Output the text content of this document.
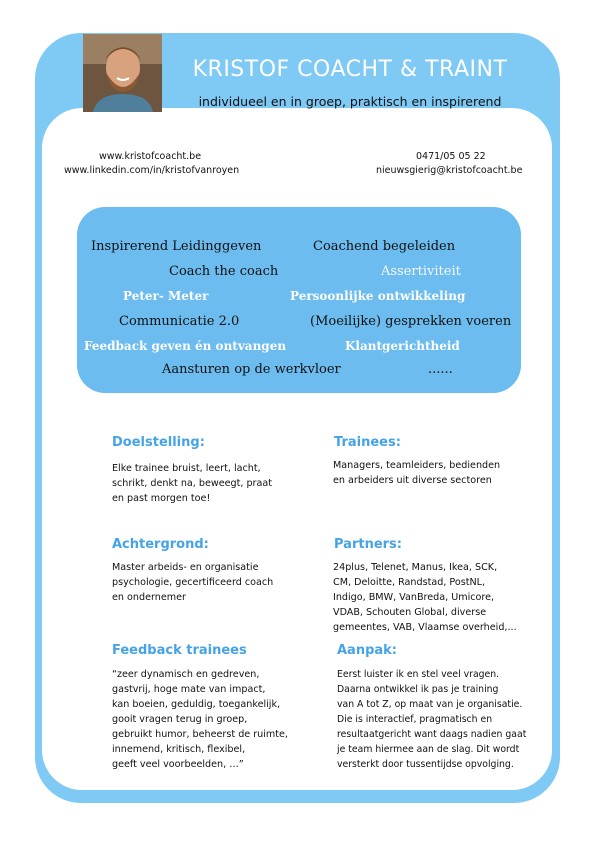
KRISTOF COACHT & TRAINT
individueel en in groep, praktisch en inspirerend
www.kristofcoacht.be
www.linkedin.com/in/kristofvanroyen
0471/05 05 22
nieuwsgierig@kristofcoacht.be
Inspirerend Leidinggeven	Coachend begeleiden
Coach the coach	Assertiviteit
Peter- Meter	Persoonlijke ontwikkeling
Communicatie 2.0	(Moeilijke) gesprekken voeren
Feedback geven én ontvangen	Klantgerichtheid
Aansturen op de werkvloer	......
Doelstelling:
Elke trainee bruist, leert, lacht,
schrikt, denkt na, beweegt, praat
en past morgen toe!
Trainees:
Managers, teamleiders, bedienden
en arbeiders uit diverse sectoren
Achtergrond:
Master arbeids- en organisatie
psychologie, gecertificeerd coach
en ondernemer
Partners:
24plus, Telenet, Manus, Ikea, SCK,
CM, Deloitte, Randstad, PostNL,
Indigo, BMW, VanBreda, Umicore,
VDAB, Schouten Global, diverse
gemeentes, VAB, Vlaamse overheid,...
Feedback trainees
“zeer dynamisch en gedreven,
gastvrij, hoge mate van impact,
kan boeien, geduldig, toegankelijk,
gooit vragen terug in groep,
gebruikt humor, beheerst de ruimte,
innemend, kritisch, flexibel,
geeft veel voorbeelden, …”
Aanpak:
Eerst luister ik en stel veel vragen.
Daarna ontwikkel ik pas je training
van A tot Z, op maat van je organisatie.
Die is interactief, pragmatisch en
resultaatgericht want daags nadien gaat
je team hiermee aan de slag. Dit wordt
versterkt door tussentijdse opvolging.
